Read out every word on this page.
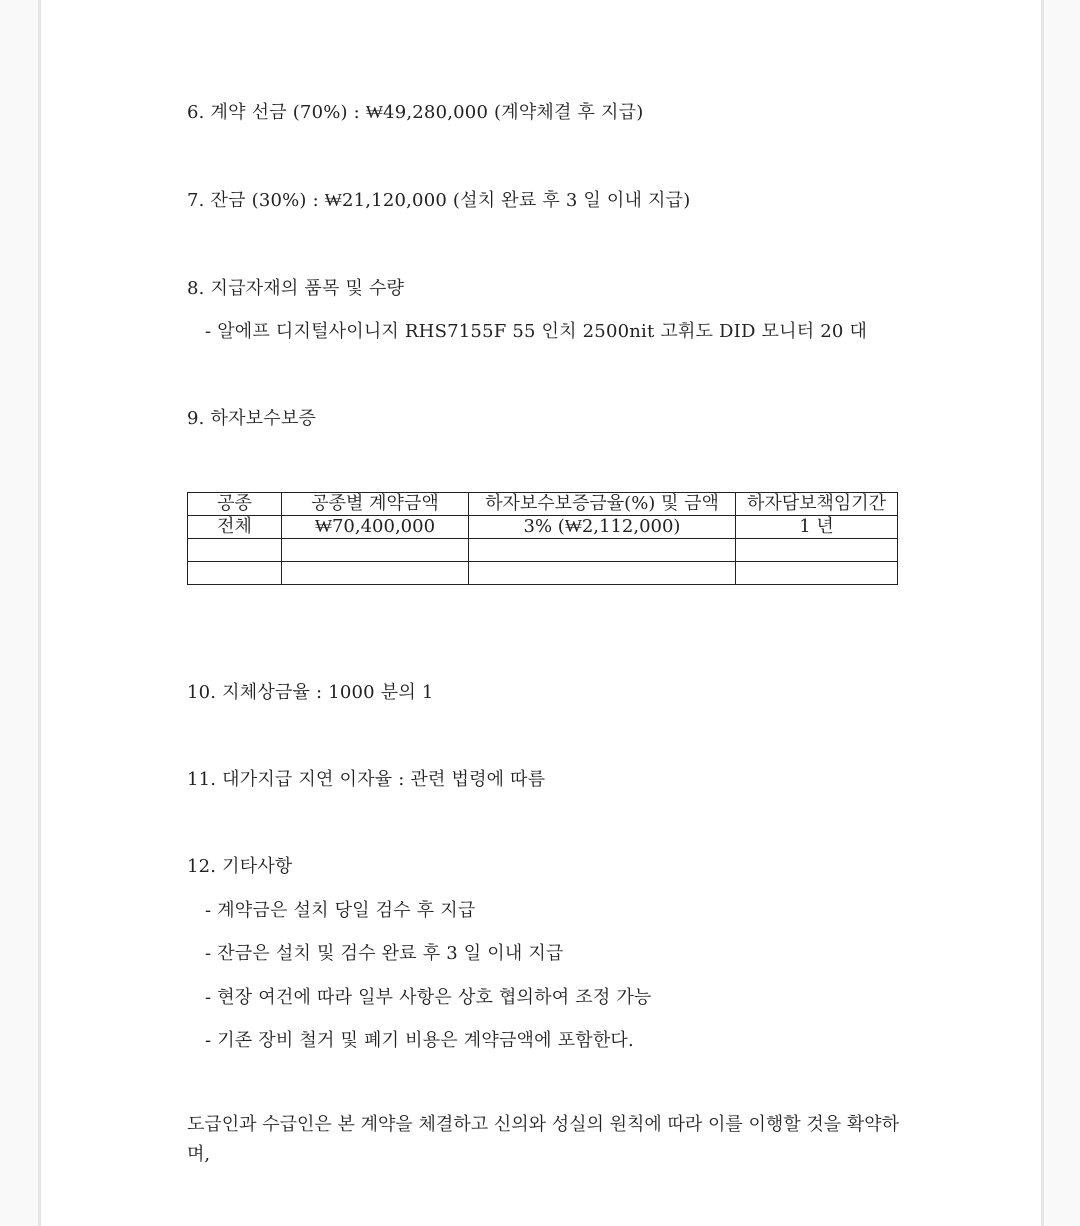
6. 계약 선금 (70%) : ₩49,280,000 (계약체결 후 지급)
7. 잔금 (30%) : ₩21,120,000 (설치 완료 후 3 일 이내 지급)
8. 지급자재의 품목 및 수량
- 알에프 디지털사이니지 RHS7155F 55 인치 2500nit 고휘도 DID 모니터 20 대
9. 하자보수보증
공종	공종별 계약금액	하자보수보증금율(%) 및 금액	하자담보책임기간
전체	₩70,400,000	3% (₩2,112,000)	1 년

10. 지체상금율 : 1000 분의 1
11. 대가지급 지연 이자율 : 관련 법령에 따름
12. 기타사항
- 계약금은 설치 당일 검수 후 지급
- 잔금은 설치 및 검수 완료 후 3 일 이내 지급
- 현장 여건에 따라 일부 사항은 상호 협의하여 조정 가능
- 기존 장비 철거 및 폐기 비용은 계약금액에 포함한다.
도급인과 수급인은 본 계약을 체결하고 신의와 성실의 원칙에 따라 이를 이행할 것을 확약하며,
